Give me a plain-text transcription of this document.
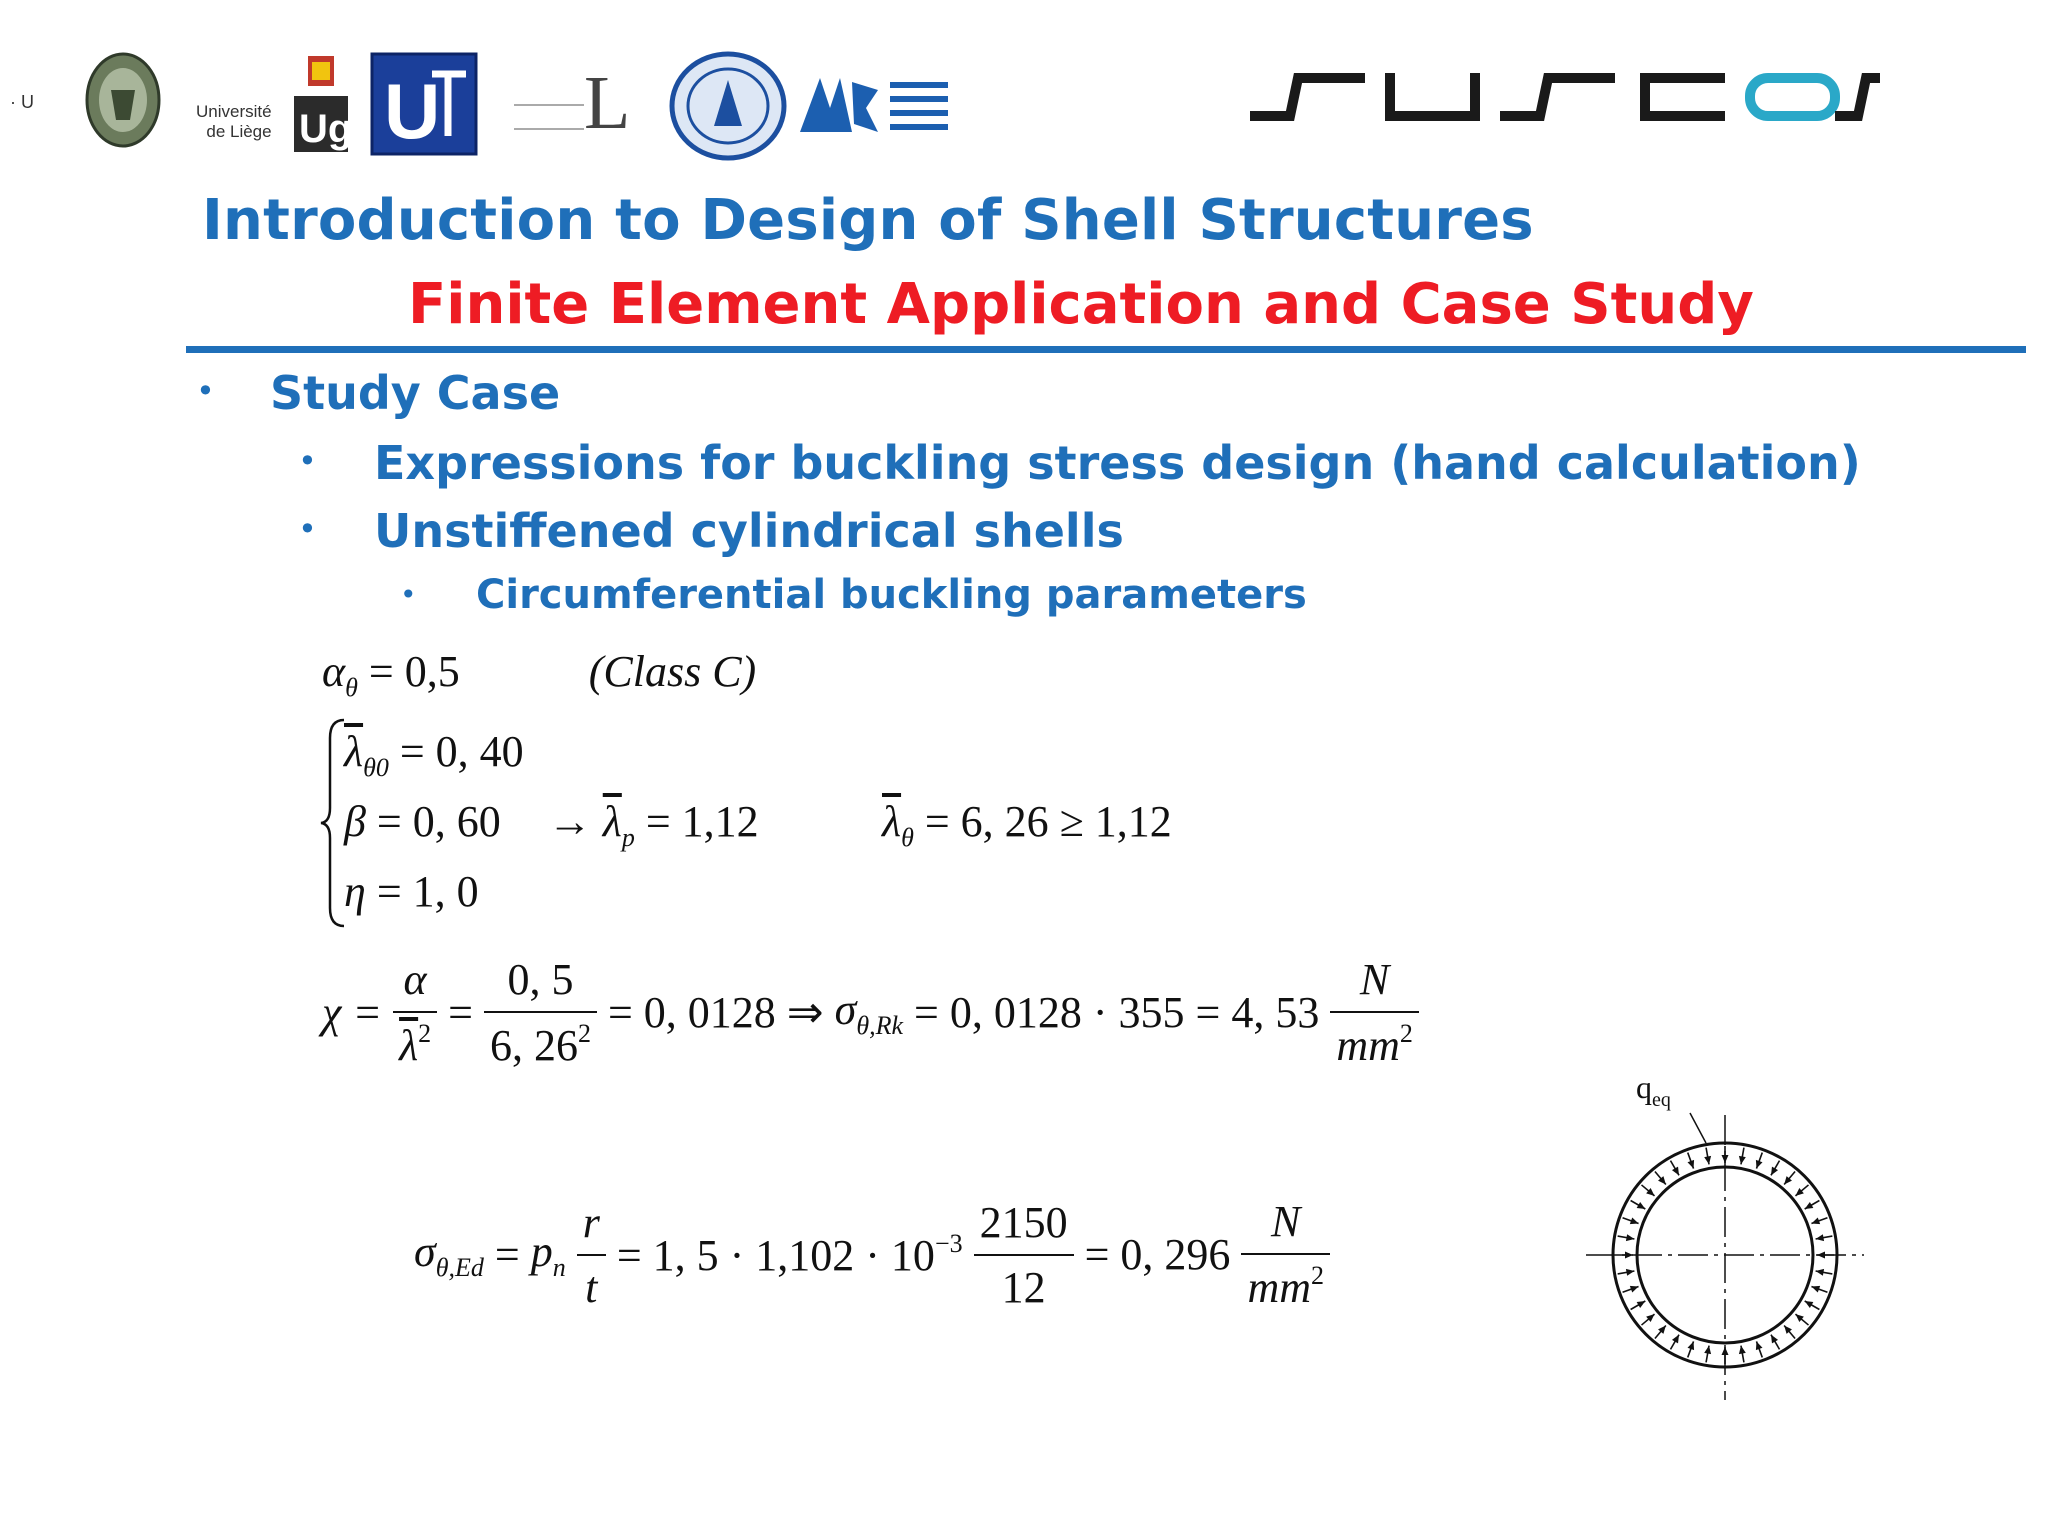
· U	Université
de Liège Ug U L
Introduction to Design of Shell Structures
Finite Element Application and Case Study
• Study Case
• Expressions for buckling stress design (hand calculation)
• Unstiffened cylindrical shells
• Circumferential buckling parameters
$\alpha_\theta = 0,5$	(Class C)
$\overline{\lambda}_{\theta 0} = 0$, 40
β = 0, $60 \to \overline{\lambda}_p = 1,12$	$\overline{\lambda}_\theta = 6$, 26 ≥ 1,12
η = 1, 0
$\chi = \frac{\alpha}{\overline{\lambda}^2} = \frac{0, 5}{6, 26^2} = 0$, 0128 ⇒ $\sigma_{\theta,Rk} = 0$, 0128 · 355 = 4, $53 \frac{N}{mm^2}$
$\sigma_{\theta,Ed} = p_n \frac{r}{t} = 1$, $5 \cdot 1,102 \cdot 10^{-3} \frac{2150}{12} = 0$, $296 \frac{N}{mm^2}$
$q_{eq}$
